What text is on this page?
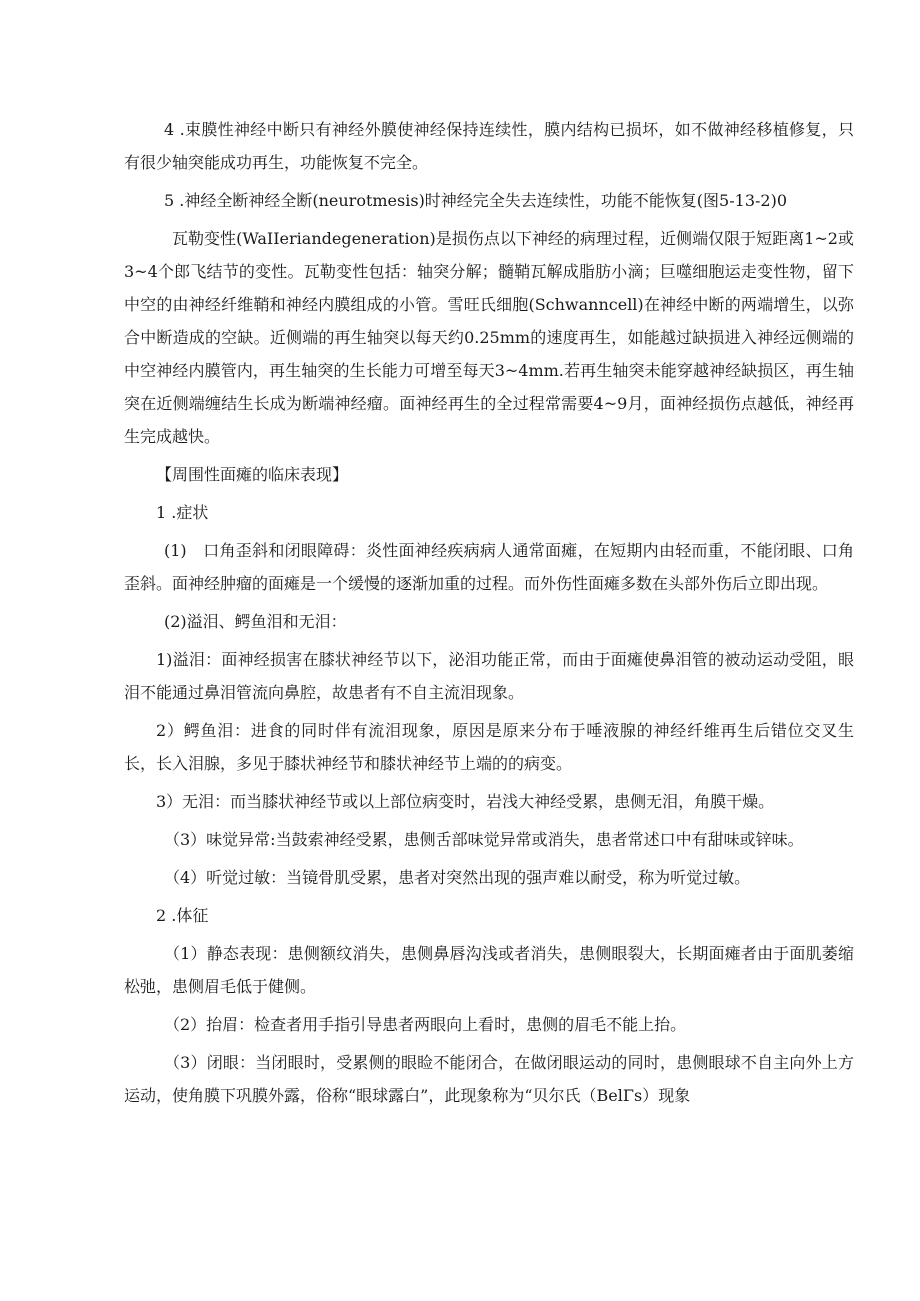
4 .束膜性神经中断只有神经外膜使神经保持连续性，膜内结构已损坏，如不做神经移植修复，只有很少轴突能成功再生，功能恢复不完全。

5 .神经全断神经全断(neurotmesis)时神经完全失去连续性，功能不能恢复(图5-13-2)0

瓦勒变性(WaIIeriandegeneration)是损伤点以下神经的病理过程，近侧端仅限于短距离1~2或3~4个郎飞结节的变性。瓦勒变性包括：轴突分解；髓鞘瓦解成脂肪小滴；巨噬细胞运走变性物，留下中空的由神经纤维鞘和神经内膜组成的小管。雪旺氏细胞(Schwanncell)在神经中断的两端增生，以弥合中断造成的空缺。近侧端的再生轴突以每天约0.25mm的速度再生，如能越过缺损进入神经远侧端的中空神经内膜管内，再生轴突的生长能力可增至每天3~4mm.若再生轴突未能穿越神经缺损区，再生轴突在近侧端缠结生长成为断端神经瘤。面神经再生的全过程常需要4~9月，面神经损伤点越低，神经再生完成越快。

【周围性面瘫的临床表现】

1 .症状

(1)　口角歪斜和闭眼障碍：炎性面神经疾病病人通常面瘫，在短期内由轻而重，不能闭眼、口角歪斜。面神经肿瘤的面瘫是一个缓慢的逐渐加重的过程。而外伤性面瘫多数在头部外伤后立即出现。

(2)溢泪、鳄鱼泪和无泪：

1)溢泪：面神经损害在膝状神经节以下，泌泪功能正常，而由于面瘫使鼻泪管的被动运动受阻，眼泪不能通过鼻泪管流向鼻腔，故患者有不自主流泪现象。

2）鳄鱼泪：进食的同时伴有流泪现象，原因是原来分布于唾液腺的神经纤维再生后错位交叉生长，长入泪腺，多见于膝状神经节和膝状神经节上端的的病变。

3）无泪：而当膝状神经节或以上部位病变时，岩浅大神经受累，患侧无泪，角膜干燥。

（3）味觉异常:当鼓索神经受累，患侧舌部味觉异常或消失，患者常述口中有甜味或锌味。

（4）听觉过敏：当镜骨肌受累，患者对突然出现的强声难以耐受，称为听觉过敏。

2 .体征

（1）静态表现：患侧额纹消失，患侧鼻唇沟浅或者消失，患侧眼裂大，长期面瘫者由于面肌萎缩松弛，患侧眉毛低于健侧。

（2）抬眉：检查者用手指引导患者两眼向上看时，患侧的眉毛不能上抬。

（3）闭眼：当闭眼时，受累侧的眼睑不能闭合，在做闭眼运动的同时，患侧眼球不自主向外上方运动，使角膜下巩膜外露，俗称“眼球露白”，此现象称为“贝尔氏（BelΓs）现象
